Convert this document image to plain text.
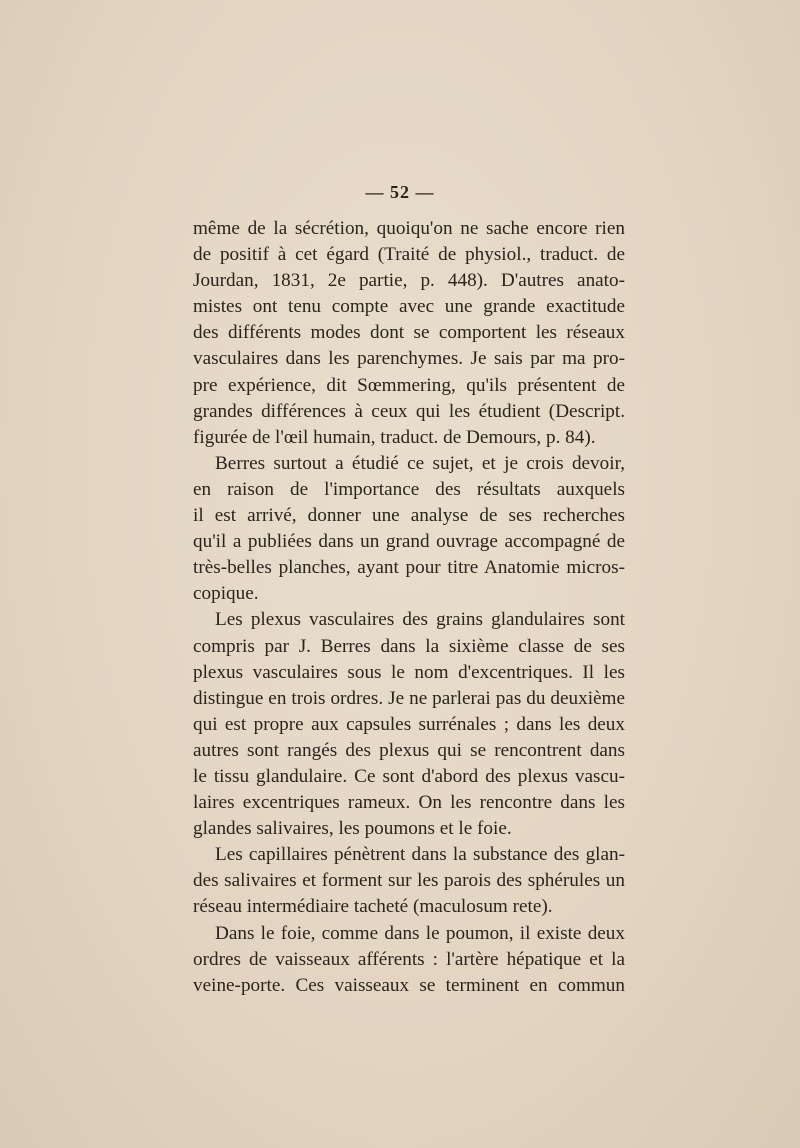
— 52 —
même de la sécrétion, quoiqu'on ne sache encore rien
de positif à cet égard (Traité de physiol., traduct. de
Jourdan, 1831, 2e partie, p. 448). D'autres anato-
mistes ont tenu compte avec une grande exactitude
des différents modes dont se comportent les réseaux
vasculaires dans les parenchymes. Je sais par ma pro-
pre expérience, dit Sœmmering, qu'ils présentent de
grandes différences à ceux qui les étudient (Descript.
figurée de l'œil humain, traduct. de Demours, p. 84).
Berres surtout a étudié ce sujet, et je crois devoir,
en raison de l'importance des résultats auxquels
il est arrivé, donner une analyse de ses recherches
qu'il a publiées dans un grand ouvrage accompagné de
très-belles planches, ayant pour titre Anatomie micros-
copique.
Les plexus vasculaires des grains glandulaires sont
compris par J. Berres dans la sixième classe de ses
plexus vasculaires sous le nom d'excentriques. Il les
distingue en trois ordres. Je ne parlerai pas du deuxième
qui est propre aux capsules surrénales ; dans les deux
autres sont rangés des plexus qui se rencontrent dans
le tissu glandulaire. Ce sont d'abord des plexus vascu-
laires excentriques rameux. On les rencontre dans les
glandes salivaires, les poumons et le foie.
Les capillaires pénètrent dans la substance des glan-
des salivaires et forment sur les parois des sphérules un
réseau intermédiaire tacheté (maculosum rete).
Dans le foie, comme dans le poumon, il existe deux
ordres de vaisseaux afférents : l'artère hépatique et la
veine-porte. Ces vaisseaux se terminent en commun
